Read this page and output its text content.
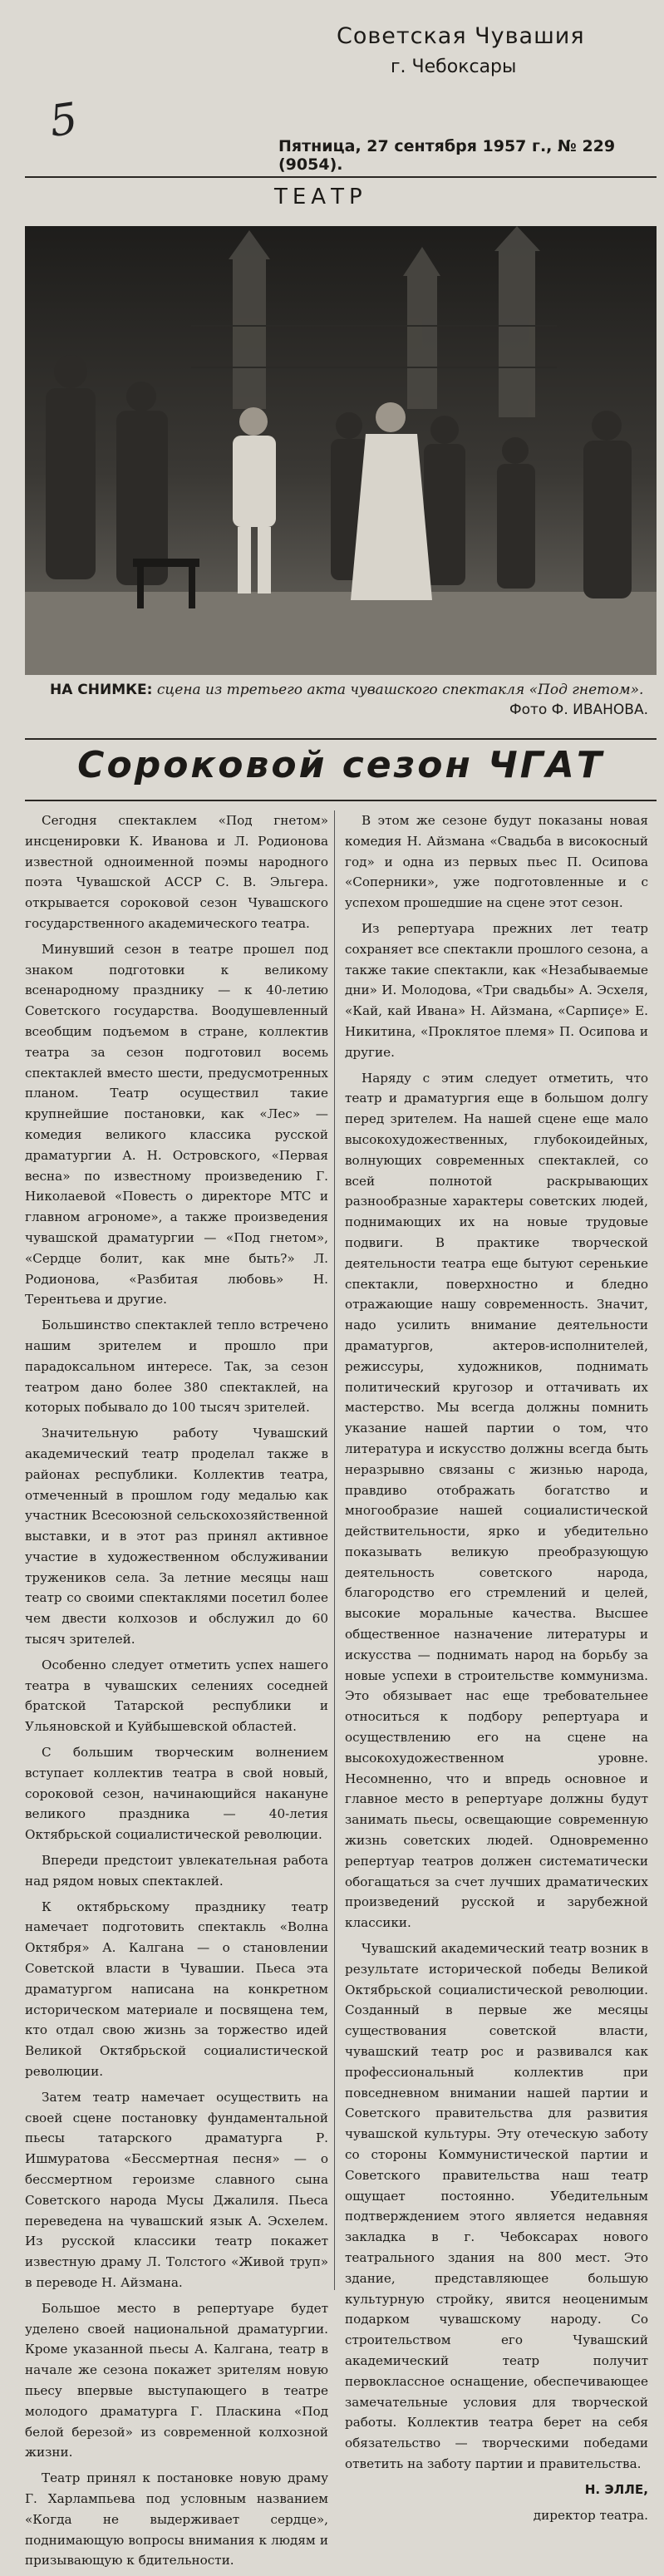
Советская Чувашия
г. Чебоксары
5	Пятница, 27 сентября 1957 г., № 229 (9054).
ТЕАТР
НА СНИМКЕ: сцена из третьего акта чувашского спектакля «Под гнетом».
Фото Ф. ИВАНОВА.
Сороковой сезон ЧГАТ

Сегодня спектаклем «Под гнетом» инсценировки К. Иванова и Л. Родионова известной одноименной поэмы народного поэта Чувашской АССР С. В. Эльгера. открывается сороковой сезон Чувашского государственного академического театра.

Минувший сезон в театре прошел под знаком подготовки к великому всенародному празднику — к 40-летию Советского государства. Воодушевленный всеобщим подъемом в стране, коллектив театра за сезон подготовил восемь спектаклей вместо шести, предусмотренных планом. Театр осуществил такие крупнейшие постановки, как «Лес» — комедия великого классика русской драматургии А. Н. Островского, «Первая весна» по известному произведению Г. Николаевой «Повесть о директоре МТС и главном агрономе», а также произведения чувашской драматургии — «Под гнетом», «Сердце болит, как мне быть?» Л. Родионова, «Разбитая любовь» Н. Терентьева и другие.

Большинство спектаклей тепло встречено нашим зрителем и прошло при парадоксальном интересе. Так, за сезон театром дано более 380 спектаклей, на которых побывало до 100 тысяч зрителей.

Значительную работу Чувашский академический театр проделал также в районах республики. Коллектив театра, отмеченный в прошлом году медалью как участник Всесоюзной сельскохозяйственной выставки, и в этот раз принял активное участие в художественном обслуживании тружеников села. За летние месяцы наш театр со своими спектаклями посетил более чем двести колхозов и обслужил до 60 тысяч зрителей.

Особенно следует отметить успех нашего театра в чувашских селениях соседней братской Татарской республики и Ульяновской и Куйбышевской областей.

С большим творческим волнением вступает коллектив театра в свой новый, сороковой сезон, начинающийся накануне великого праздника — 40-летия Октябрьской социалистической революции.

Впереди предстоит увлекательная работа над рядом новых спектаклей.

К октябрьскому празднику театр намечает подготовить спектакль «Волна Октября» А. Калгана — о становлении Советской власти в Чувашии. Пьеса эта драматургом написана на конкретном историческом материале и посвящена тем, кто отдал свою жизнь за торжество идей Великой Октябрьской социалистической революции.

Затем театр намечает осуществить на своей сцене постановку фундаментальной пьесы татарского драматурга Р. Ишмуратова «Бессмертная песня» — о бессмертном героизме славного сына Советского народа Мусы Джалиля. Пьеса переведена на чувашский язык А. Эсхелем. Из русской классики театр покажет известную драму Л. Толстого «Живой труп» в переводе Н. Айзмана.

Большое место в репертуаре будет уделено своей национальной драматургии. Кроме указанной пьесы А. Калгана, театр в начале же сезона покажет зрителям новую пьесу впервые выступающего в театре молодого драматурга Г. Пласкина «Под белой березой» из современной колхозной жизни.

Театр принял к постановке новую драму Г. Харлампьева под условным названием «Когда не выдерживает сердце», поднимающую вопросы внимания к людям и призывающую к бдительности.

В этом же сезоне будут показаны новая комедия Н. Айзмана «Свадьба в високосный год» и одна из первых пьес П. Осипова «Соперники», уже подготовленные и с успехом прошедшие на сцене этот сезон.

Из репертуара прежних лет театр сохраняет все спектакли прошлого сезона, а также такие спектакли, как «Незабываемые дни» И. Молодова, «Три свадьбы» А. Эсхеля, «Кай, кай Ивана» Н. Айзмана, «Сарпиҫе» Е. Никитина, «Проклятое племя» П. Осипова и другие.

Наряду с этим следует отметить, что театр и драматургия еще в большом долгу перед зрителем. На нашей сцене еще мало высокохудожественных, глубокоидейных, волнующих современных спектаклей, со всей полнотой раскрывающих разнообразные характеры советских людей, поднимающих их на новые трудовые подвиги. В практике творческой деятельности театра еще бытуют серенькие спектакли, поверхностно и бледно отражающие нашу современность. Значит, надо усилить внимание деятельности драматургов, актеров-исполнителей, режиссуры, художников, поднимать политический кругозор и оттачивать их мастерство. Мы всегда должны помнить указание нашей партии о том, что литература и искусство должны всегда быть неразрывно связаны с жизнью народа, правдиво отображать богатство и многообразие нашей социалистической действительности, ярко и убедительно показывать великую преобразующую деятельность советского народа, благородство его стремлений и целей, высокие моральные качества. Высшее общественное назначение литературы и искусства — поднимать народ на борьбу за новые успехи в строительстве коммунизма. Это обязывает нас еще требовательнее относиться к подбору репертуара и осуществлению его на сцене на высокохудожественном уровне. Несомненно, что и впредь основное и главное место в репертуаре должны будут занимать пьесы, освещающие современную жизнь советских людей. Одновременно репертуар театров должен систематически обогащаться за счет лучших драматических произведений русской и зарубежной классики.

Чувашский академический театр возник в результате исторической победы Великой Октябрьской социалистической революции. Созданный в первые же месяцы существования советской власти, чувашский театр рос и развивался как профессиональный коллектив при повседневном внимании нашей партии и Советского правительства для развития чувашской культуры. Эту отеческую заботу со стороны Коммунистической партии и Советского правительства наш театр ощущает постоянно. Убедительным подтверждением этого является недавняя закладка в г. Чебоксарах нового театрального здания на 800 мест. Это здание, представляющее большую культурную стройку, явится неоценимым подарком чувашскому народу. Со строительством его Чувашский академический театр получит первоклассное оснащение, обеспечивающее замечательные условия для творческой работы. Коллектив театра берет на себя обязательство — творческими победами ответить на заботу партии и правительства.

Н. ЭЛЛЕ,

директор театра.
